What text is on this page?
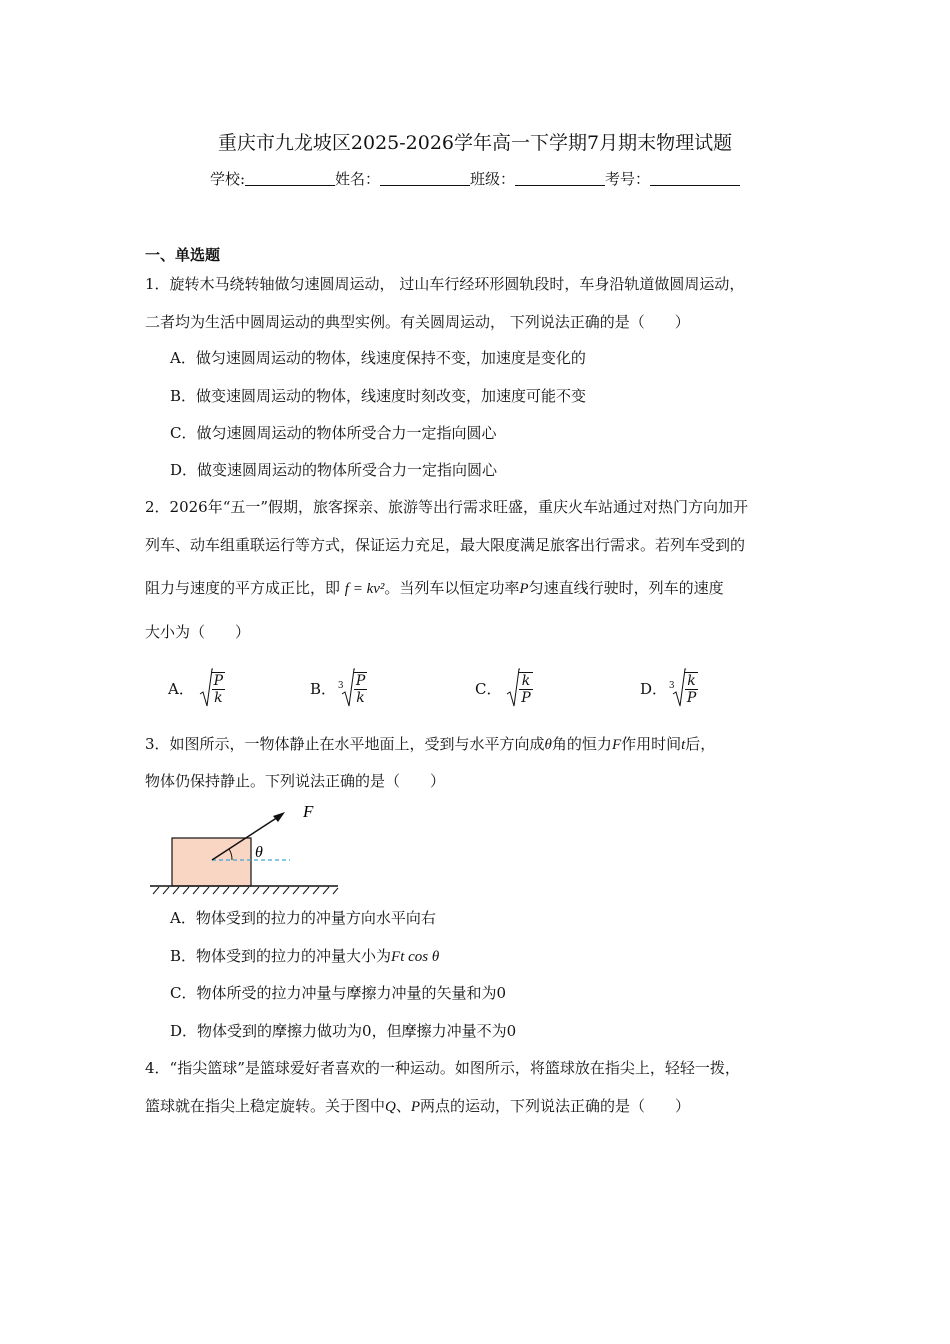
重庆市九龙坡区2025-2026学年高一下学期7月期末物理试题
学校:	姓名：	班级：	考号：
一、单选题
1．旋转木马绕转轴做匀速圆周运动， 过山车行经环形圆轨段时，车身沿轨道做圆周运动，
二者均为生活中圆周运动的典型实例。有关圆周运动， 下列说法正确的是（　　）
A．做匀速圆周运动的物体，线速度保持不变，加速度是变化的
B．做变速圆周运动的物体，线速度时刻改变，加速度可能不变
C．做匀速圆周运动的物体所受合力一定指向圆心
D．做变速圆周运动的物体所受合力一定指向圆心
2．2026年“五一”假期，旅客探亲、旅游等出行需求旺盛，重庆火车站通过对热门方向加开
列车、动车组重联运行等方式，保证运力充足，最大限度满足旅客出行需求。若列车受到的
阻力与速度的平方成正比，即 f = kv²。当列车以恒定功率P匀速直线行驶时，列车的速度
大小为（　　）
A． $\frac{P}{k}$	B． $3 \frac{P}{k}$	C． $\frac{k}{P}$	D． $3 \frac{k}{P}$
3．如图所示，一物体静止在水平地面上，受到与水平方向成θ角的恒力F作用时间t后，
物体仍保持静止。下列说法正确的是（　　）
F
θ
A．物体受到的拉力的冲量方向水平向右
B．物体受到的拉力的冲量大小为Ft cos θ
C．物体所受的拉力冲量与摩擦力冲量的矢量和为0
D．物体受到的摩擦力做功为0，但摩擦力冲量不为0
4．“指尖篮球”是篮球爱好者喜欢的一种运动。如图所示，将篮球放在指尖上，轻轻一拨，
篮球就在指尖上稳定旋转。关于图中Q、P两点的运动，下列说法正确的是（　　）
